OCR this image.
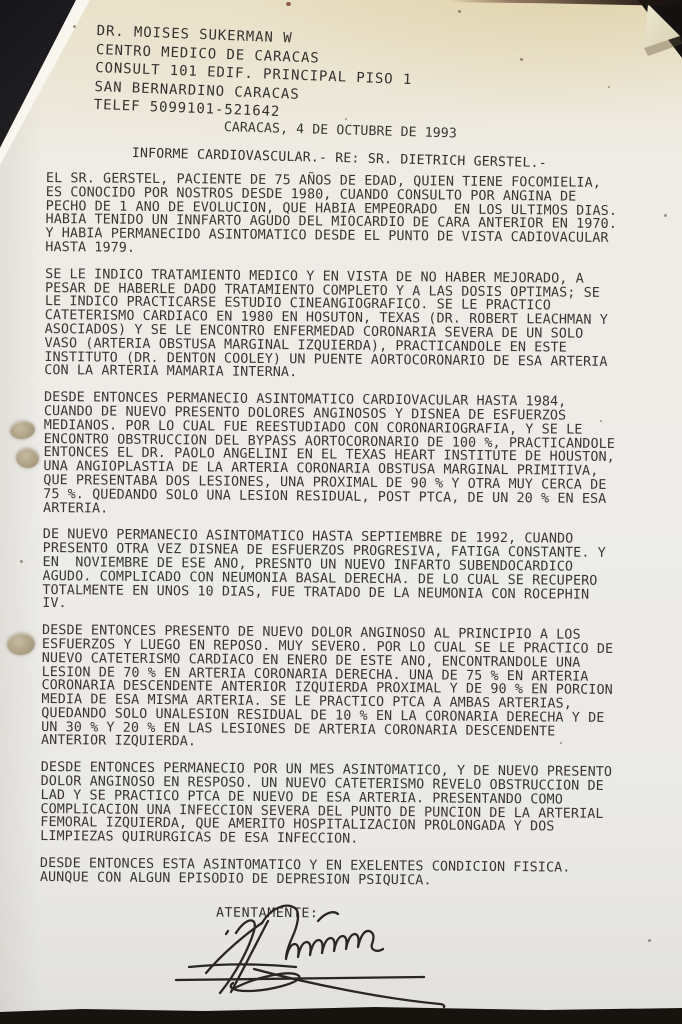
DR. MOISES SUKERMAN W
CENTRO MEDICO DE CARACAS
CONSULT 101 EDIF. PRINCIPAL PISO 1
SAN BERNARDINO CARACAS
TELEF 5099101-521642
CARACAS, 4 DE OCTUBRE DE 1993
INFORME CARDIOVASCULAR.- RE: SR. DIETRICH GERSTEL.-

EL SR. GERSTEL, PACIENTE DE 75 AÑOS DE EDAD, QUIEN TIENE FOCOMIELIA,
ES CONOCIDO POR NOSTROS DESDE 1980, CUANDO CONSULTO POR ANGINA DE
PECHO DE 1 ANO DE EVOLUCION, QUE HABIA EMPEORADO  EN LOS ULTIMOS DIAS.
HABIA TENIDO UN INNFARTO AGUDO DEL MIOCARDIO DE CARA ANTERIOR EN 1970.
Y HABIA PERMANECIDO ASINTOMATICO DESDE EL PUNTO DE VISTA CADIOVACULAR
HASTA 1979.

SE LE INDICO TRATAMIENTO MEDICO Y EN VISTA DE NO HABER MEJORADO, A
PESAR DE HABERLE DADO TRATAMIENTO COMPLETO Y A LAS DOSIS OPTIMAS; SE
LE INDICO PRACTICARSE ESTUDIO CINEANGIOGRAFICO. SE LE PRACTICO
CATETERISMO CARDIACO EN 1980 EN HOSUTON, TEXAS (DR. ROBERT LEACHMAN Y
ASOCIADOS) Y SE LE ENCONTRO ENFERMEDAD CORONARIA SEVERA DE UN SOLO
VASO (ARTERIA OBSTUSA MARGINAL IZQUIERDA), PRACTICANDOLE EN ESTE
INSTITUTO (DR. DENTON COOLEY) UN PUENTE AORTOCORONARIO DE ESA ARTERIA
CON LA ARTERIA MAMARIA INTERNA.

DESDE ENTONCES PERMANECIO ASINTOMATICO CARDIOVACULAR HASTA 1984,
CUANDO DE NUEVO PRESENTO DOLORES ANGINOSOS Y DISNEA DE ESFUERZOS
MEDIANOS. POR LO CUAL FUE REESTUDIADO CON CORONARIOGRAFIA, Y SE LE
ENCONTRO OBSTRUCCION DEL BYPASS AORTOCORONARIO DE 100 %, PRACTICANDOLE
ENTONCES EL DR. PAOLO ANGELINI EN EL TEXAS HEART INSTITUTE DE HOUSTON,
UNA ANGIOPLASTIA DE LA ARTERIA CORONARIA OBSTUSA MARGINAL PRIMITIVA,
QUE PRESENTABA DOS LESIONES, UNA PROXIMAL DE 90 % Y OTRA MUY CERCA DE
75 %. QUEDANDO SOLO UNA LESION RESIDUAL, POST PTCA, DE UN 20 % EN ESA
ARTERIA.

DE NUEVO PERMANECIO ASINTOMATICO HASTA SEPTIEMBRE DE 1992, CUANDO
PRESENTO OTRA VEZ DISNEA DE ESFUERZOS PROGRESIVA, FATIGA CONSTANTE. Y
EN  NOVIEMBRE DE ESE ANO, PRESNTO UN NUEVO INFARTO SUBENDOCARDICO
AGUDO. COMPLICADO CON NEUMONIA BASAL DERECHA. DE LO CUAL SE RECUPERO
TOTALMENTE EN UNOS 10 DIAS, FUE TRATADO DE LA NEUMONIA CON ROCEPHIN
IV.

DESDE ENTONCES PRESENTO DE NUEVO DOLOR ANGINOSO AL PRINCIPIO A LOS
ESFUERZOS Y LUEGO EN REPOSO. MUY SEVERO. POR LO CUAL SE LE PRACTICO DE
NUEVO CATETERISMO CARDIACO EN ENERO DE ESTE ANO, ENCONTRANDOLE UNA
LESION DE 70 % EN ARTERIA CORONARIA DERECHA. UNA DE 75 % EN ARTERIA
CORONARIA DESCENDENTE ANTERIOR IZQUIERDA PROXIMAL Y DE 90 % EN PORCION
MEDIA DE ESA MISMA ARTERIA. SE LE PRACTICO PTCA A AMBAS ARTERIAS,
QUEDANDO SOLO UNALESION RESIDUAL DE 10 % EN LA CORONARIA DERECHA Y DE
UN 30 % Y 20 % EN LAS LESIONES DE ARTERIA CORONARIA DESCENDENTE
ANTERIOR IZQUIERDA.

DESDE ENTONCES PERMANECIO POR UN MES ASINTOMATICO, Y DE NUEVO PRESENTO
DOLOR ANGINOSO EN RESPOSO. UN NUEVO CATETERISMO REVELO OBSTRUCCION DE
LAD Y SE PRACTICO PTCA DE NUEVO DE ESA ARTERIA. PRESENTANDO COMO
COMPLICACION UNA INFECCION SEVERA DEL PUNTO DE PUNCION DE LA ARTERIAL
FEMORAL IZQUIERDA, QUE AMERITO HOSPITALIZACION PROLONGADA Y DOS
LIMPIEZAS QUIRURGICAS DE ESA INFECCION.

DESDE ENTONCES ESTA ASINTOMATICO Y EN EXELENTES CONDICION FISICA.
AUNQUE CON ALGUN EPISODIO DE DEPRESION PSIQUICA.

ATENTAMENTE:
